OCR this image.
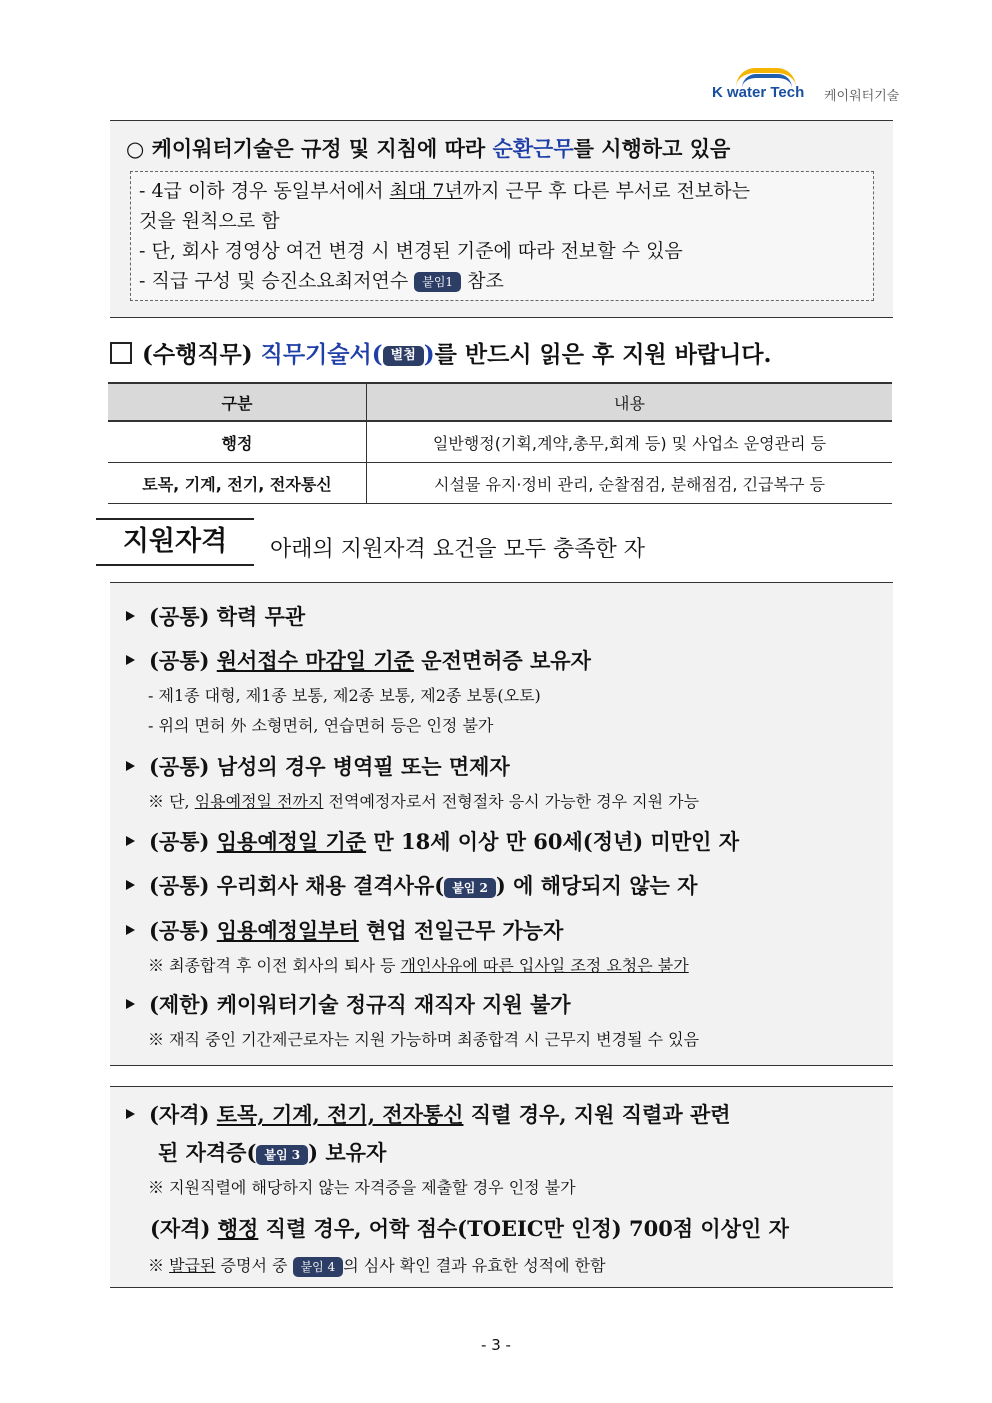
K water Tech 케이워터기술
○ 케이워터기술은 규정 및 지침에 따라 순환근무를 시행하고 있음
- 4급 이하 경우 동일부서에서 최대 7년까지 근무 후 다른 부서로 전보하는
것을 원칙으로 함
- 단, 회사 경영상 여건 변경 시 변경된 기준에 따라 전보할 수 있음
- 직급 구성 및 승진소요최저연수 붙임1 참조
(수행직무) 직무기술서( 별첨 )를 반드시 읽은 후 지원 바랍니다.
구분	내용
행정	일반행정(기획,계약,총무,회계 등) 및 사업소 운영관리 등
토목, 기계, 전기, 전자통신	시설물 유지·정비 관리, 순찰점검, 분해점검, 긴급복구 등
지원자격	아래의 지원자격 요건을 모두 충족한 자
(공통) 학력 무관
(공통) 원서접수 마감일 기준 운전면허증 보유자
- 제1종 대형, 제1종 보통, 제2종 보통, 제2종 보통(오토)
- 위의 면허 外 소형면허, 연습면허 등은 인정 불가
(공통) 남성의 경우 병역필 또는 면제자
※ 단, 임용예정일 전까지 전역예정자로서 전형절차 응시 가능한 경우 지원 가능
(공통) 임용예정일 기준 만 18세 이상 만 60세(정년) 미만인 자
(공통) 우리회사 채용 결격사유( 붙임 2 ) 에 해당되지 않는 자
(공통) 임용예정일부터 현업 전일근무 가능자
※ 최종합격 후 이전 회사의 퇴사 등 개인사유에 따른 입사일 조정 요청은 불가
(제한) 케이워터기술 정규직 재직자 지원 불가
※ 재직 중인 기간제근로자는 지원 가능하며 최종합격 시 근무지 변경될 수 있음
(자격) 토목, 기계, 전기, 전자통신 직렬 경우, 지원 직렬과 관련
된 자격증( 붙임 3 ) 보유자
※ 지원직렬에 해당하지 않는 자격증을 제출할 경우 인정 불가
(자격) 행정 직렬 경우, 어학 점수(TOEIC만 인정) 700점 이상인 자
※ 발급된 증명서 중 붙임 4 의 심사 확인 결과 유효한 성적에 한함
- 3 -
